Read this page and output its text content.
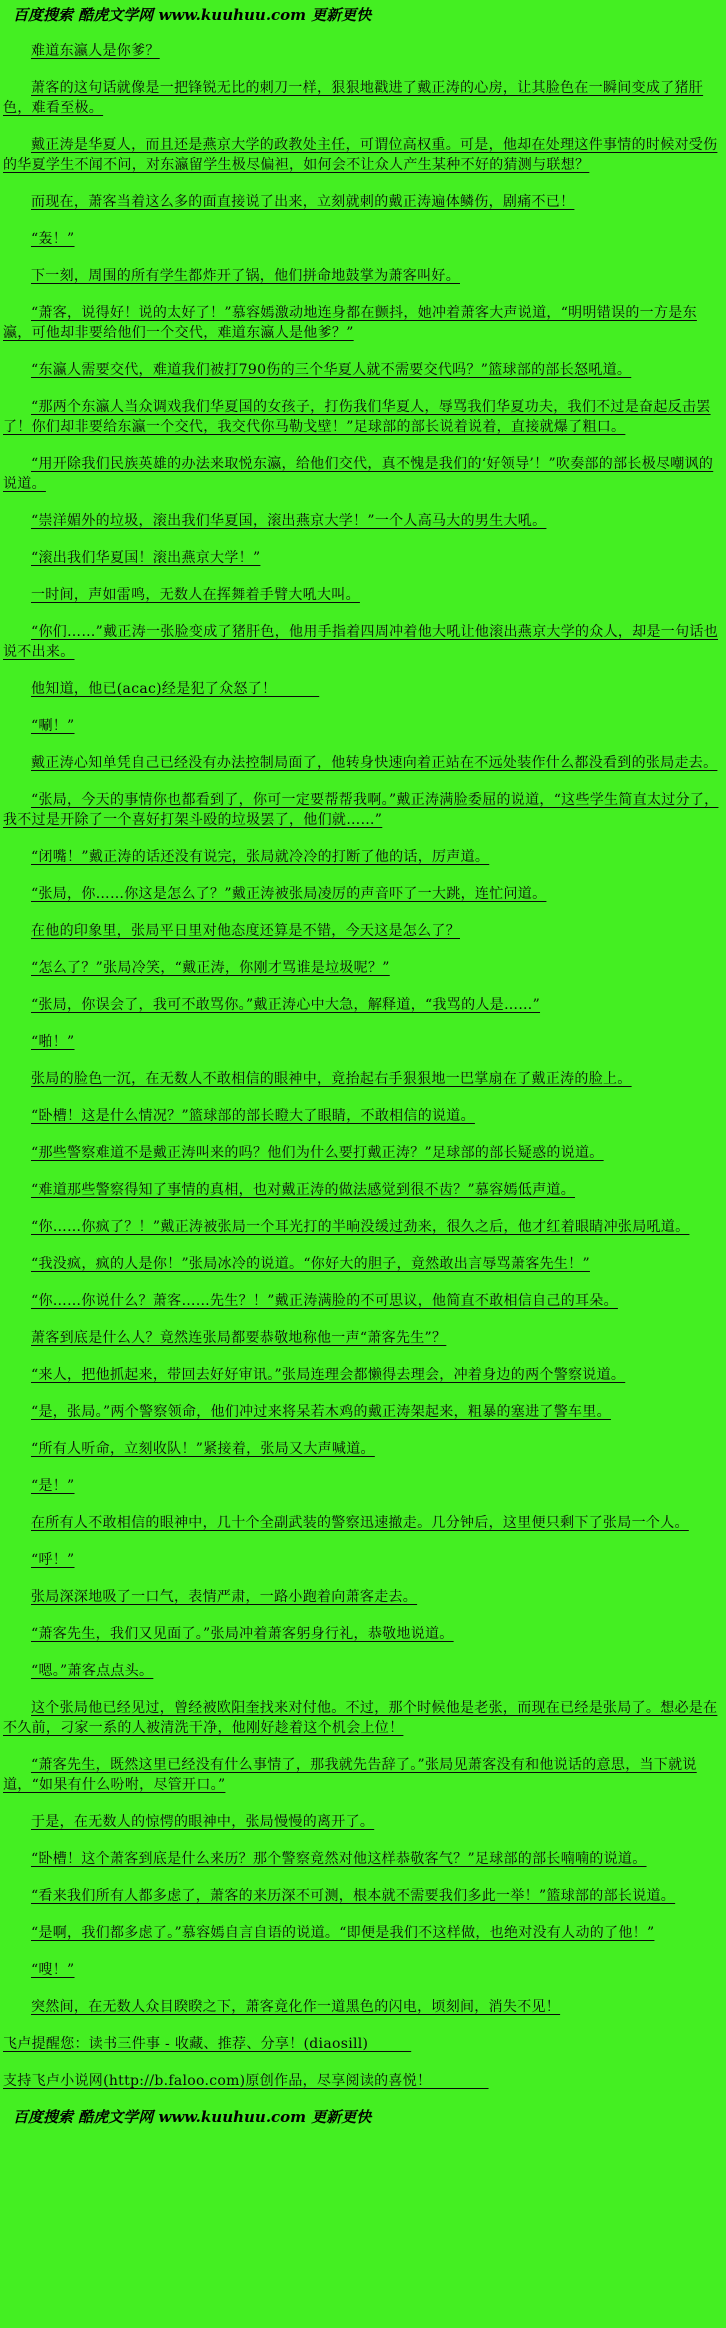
百度搜索 酷虎文学网 www.kuuhuu.com 更新更快

难道东瀛人是你爹？

萧客的这句话就像是一把锋锐无比的刺刀一样，狠狠地戳进了戴正涛的心房，让其脸色在一瞬间变成了猪肝色，难看至极。

戴正涛是华夏人，而且还是燕京大学的政教处主任，可谓位高权重。可是，他却在处理这件事情的时候对受伤的华夏学生不闻不问，对东瀛留学生极尽偏袒，如何会不让众人产生某种不好的猜测与联想？

而现在，萧客当着这么多的面直接说了出来，立刻就刺的戴正涛遍体鳞伤，剧痛不已！

“轰！”

下一刻，周围的所有学生都炸开了锅，他们拼命地鼓掌为萧客叫好。

“萧客，说得好！说的太好了！”慕容嫣激动地连身都在颤抖，她冲着萧客大声说道，“明明错误的一方是东瀛，可他却非要给他们一个交代，难道东瀛人是他爹？”

“东瀛人需要交代，难道我们被打790伤的三个华夏人就不需要交代吗？”篮球部的部长怒吼道。

“那两个东瀛人当众调戏我们华夏国的女孩子，打伤我们华夏人，辱骂我们华夏功夫，我们不过是奋起反击罢了！你们却非要给东瀛一个交代，我交代你马勒戈壁！”足球部的部长说着说着，直接就爆了粗口。

“用开除我们民族英雄的办法来取悦东瀛，给他们交代，真不愧是我们的‘好领导’！”吹奏部的部长极尽嘲讽的说道。

“崇洋媚外的垃圾，滚出我们华夏国，滚出燕京大学！”一个人高马大的男生大吼。

“滚出我们华夏国！滚出燕京大学！”

一时间，声如雷鸣，无数人在挥舞着手臂大吼大叫。

“你们……”戴正涛一张脸变成了猪肝色，他用手指着四周冲着他大吼让他滚出燕京大学的众人，却是一句话也说不出来。

他知道，他已(acac)经是犯了众怒了！　　　

“唰！”

戴正涛心知单凭自己已经没有办法控制局面了，他转身快速向着正站在不远处装作什么都没看到的张局走去。

“张局，今天的事情你也都看到了，你可一定要帮帮我啊。”戴正涛满脸委屈的说道，“这些学生简直太过分了，我不过是开除了一个喜好打架斗殴的垃圾罢了，他们就……”

“闭嘴！”戴正涛的话还没有说完，张局就冷冷的打断了他的话，厉声道。

“张局，你……你这是怎么了？”戴正涛被张局凌厉的声音吓了一大跳，连忙问道。

在他的印象里，张局平日里对他态度还算是不错，今天这是怎么了？

“怎么了？”张局冷笑，“戴正涛，你刚才骂谁是垃圾呢？”

“张局，你误会了，我可不敢骂你。”戴正涛心中大急，解释道，“我骂的人是……”

“啪！”

张局的脸色一沉，在无数人不敢相信的眼神中，竟抬起右手狠狠地一巴掌扇在了戴正涛的脸上。

“卧槽！这是什么情况？”篮球部的部长瞪大了眼睛，不敢相信的说道。

“那些警察难道不是戴正涛叫来的吗？他们为什么要打戴正涛？”足球部的部长疑惑的说道。

“难道那些警察得知了事情的真相，也对戴正涛的做法感觉到很不齿？”慕容嫣低声道。

“你……你疯了？！”戴正涛被张局一个耳光打的半晌没缓过劲来，很久之后，他才红着眼睛冲张局吼道。

“我没疯，疯的人是你！”张局冰冷的说道。“你好大的胆子，竟然敢出言辱骂萧客先生！”

“你……你说什么？萧客……先生？！”戴正涛满脸的不可思议，他简直不敢相信自己的耳朵。

萧客到底是什么人？竟然连张局都要恭敬地称他一声“萧客先生”？

“来人，把他抓起来，带回去好好审讯。”张局连理会都懒得去理会，冲着身边的两个警察说道。

“是，张局。”两个警察领命，他们冲过来将呆若木鸡的戴正涛架起来，粗暴的塞进了警车里。

“所有人听命，立刻收队！”紧接着，张局又大声喊道。

“是！”

在所有人不敢相信的眼神中，几十个全副武装的警察迅速撤走。几分钟后，这里便只剩下了张局一个人。

“呼！”

张局深深地吸了一口气，表情严肃，一路小跑着向萧客走去。

“萧客先生，我们又见面了。”张局冲着萧客躬身行礼，恭敬地说道。

“嗯。”萧客点点头。

这个张局他已经见过，曾经被欧阳奎找来对付他。不过，那个时候他是老张，而现在已经是张局了。想必是在不久前，刁家一系的人被清洗干净，他刚好趁着这个机会上位！

“萧客先生，既然这里已经没有什么事情了，那我就先告辞了。”张局见萧客没有和他说话的意思，当下就说道，“如果有什么吩咐，尽管开口。”

于是，在无数人的惊愕的眼神中，张局慢慢的离开了。

“卧槽！这个萧客到底是什么来历？那个警察竟然对他这样恭敬客气？”足球部的部长喃喃的说道。

“看来我们所有人都多虑了，萧客的来历深不可测，根本就不需要我们多此一举！”篮球部的部长说道。

“是啊，我们都多虑了。”慕容嫣自言自语的说道。“即便是我们不这样做，也绝对没有人动的了他！”

“嗖！”

突然间，在无数人众目睽睽之下，萧客竟化作一道黑色的闪电，顷刻间，消失不见！

飞卢提醒您：读书三件事 - 收藏、推荐、分享！(diaosill)　　　

支持飞卢小说网(http://b.faloo.com)原创作品，尽享阅读的喜悦！　　　　

百度搜索 酷虎文学网 www.kuuhuu.com 更新更快
